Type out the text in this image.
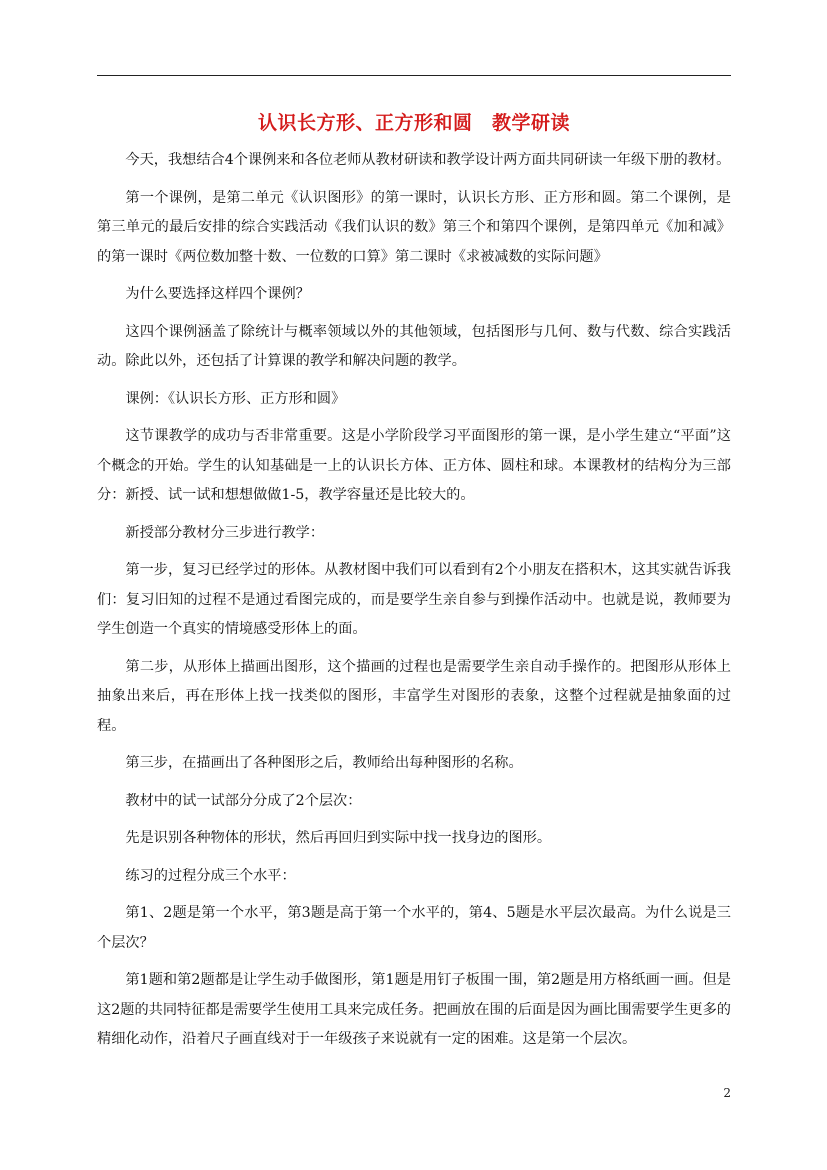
认识长方形、正方形和圆　教学研读

今天，我想结合4个课例来和各位老师从教材研读和教学设计两方面共同研读一年级下册的教材。

第一个课例，是第二单元《认识图形》的第一课时，认识长方形、正方形和圆。第二个课例，是第三单元的最后安排的综合实践活动《我们认识的数》第三个和第四个课例，是第四单元《加和减》的第一课时《两位数加整十数、一位数的口算》第二课时《求被减数的实际问题》

为什么要选择这样四个课例？

这四个课例涵盖了除统计与概率领域以外的其他领域，包括图形与几何、数与代数、综合实践活动。除此以外，还包括了计算课的教学和解决问题的教学。

课例：《认识长方形、正方形和圆》

这节课教学的成功与否非常重要。这是小学阶段学习平面图形的第一课，是小学生建立“平面”这个概念的开始。学生的认知基础是一上的认识长方体、正方体、圆柱和球。本课教材的结构分为三部分：新授、试一试和想想做做1-5，教学容量还是比较大的。

新授部分教材分三步进行教学：

第一步，复习已经学过的形体。从教材图中我们可以看到有2个小朋友在搭积木，这其实就告诉我们：复习旧知的过程不是通过看图完成的，而是要学生亲自参与到操作活动中。也就是说，教师要为学生创造一个真实的情境感受形体上的面。

第二步，从形体上描画出图形，这个描画的过程也是需要学生亲自动手操作的。把图形从形体上抽象出来后，再在形体上找一找类似的图形，丰富学生对图形的表象，这整个过程就是抽象面的过程。

第三步，在描画出了各种图形之后，教师给出每种图形的名称。

教材中的试一试部分分成了2个层次：

先是识别各种物体的形状，然后再回归到实际中找一找身边的图形。

练习的过程分成三个水平：

第1、2题是第一个水平，第3题是高于第一个水平的，第4、5题是水平层次最高。为什么说是三个层次？

第1题和第2题都是让学生动手做图形，第1题是用钉子板围一围，第2题是用方格纸画一画。但是这2题的共同特征都是需要学生使用工具来完成任务。把画放在围的后面是因为画比围需要学生更多的精细化动作，沿着尺子画直线对于一年级孩子来说就有一定的困难。这是第一个层次。

2
